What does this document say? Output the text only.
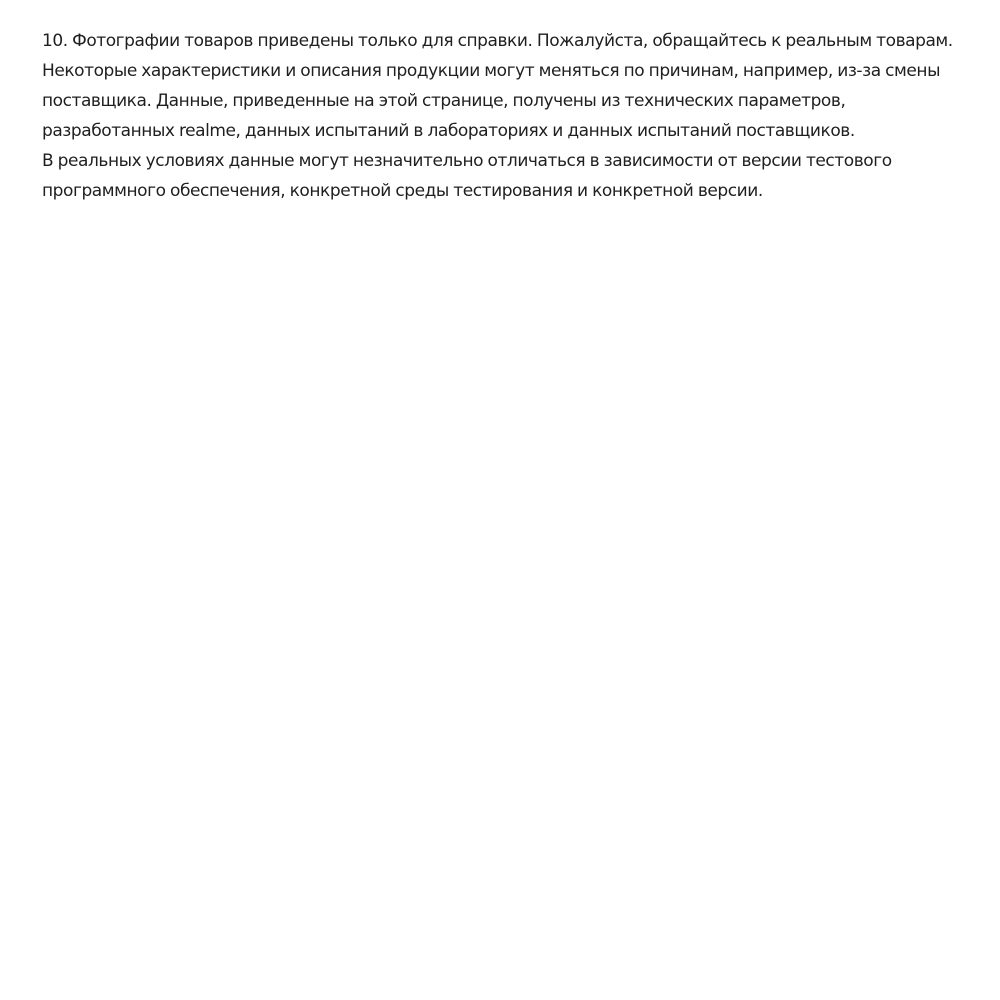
10. Фотографии товаров приведены только для справки. Пожалуйста, обращайтесь к реальным товарам.
Некоторые характеристики и описания продукции могут меняться по причинам, например, из-за смены
поставщика. Данные, приведенные на этой странице, получены из технических параметров,
разработанных realme, данных испытаний в лабораториях и данных испытаний поставщиков.
В реальных условиях данные могут незначительно отличаться в зависимости от версии тестового
программного обеспечения, конкретной среды тестирования и конкретной версии.
